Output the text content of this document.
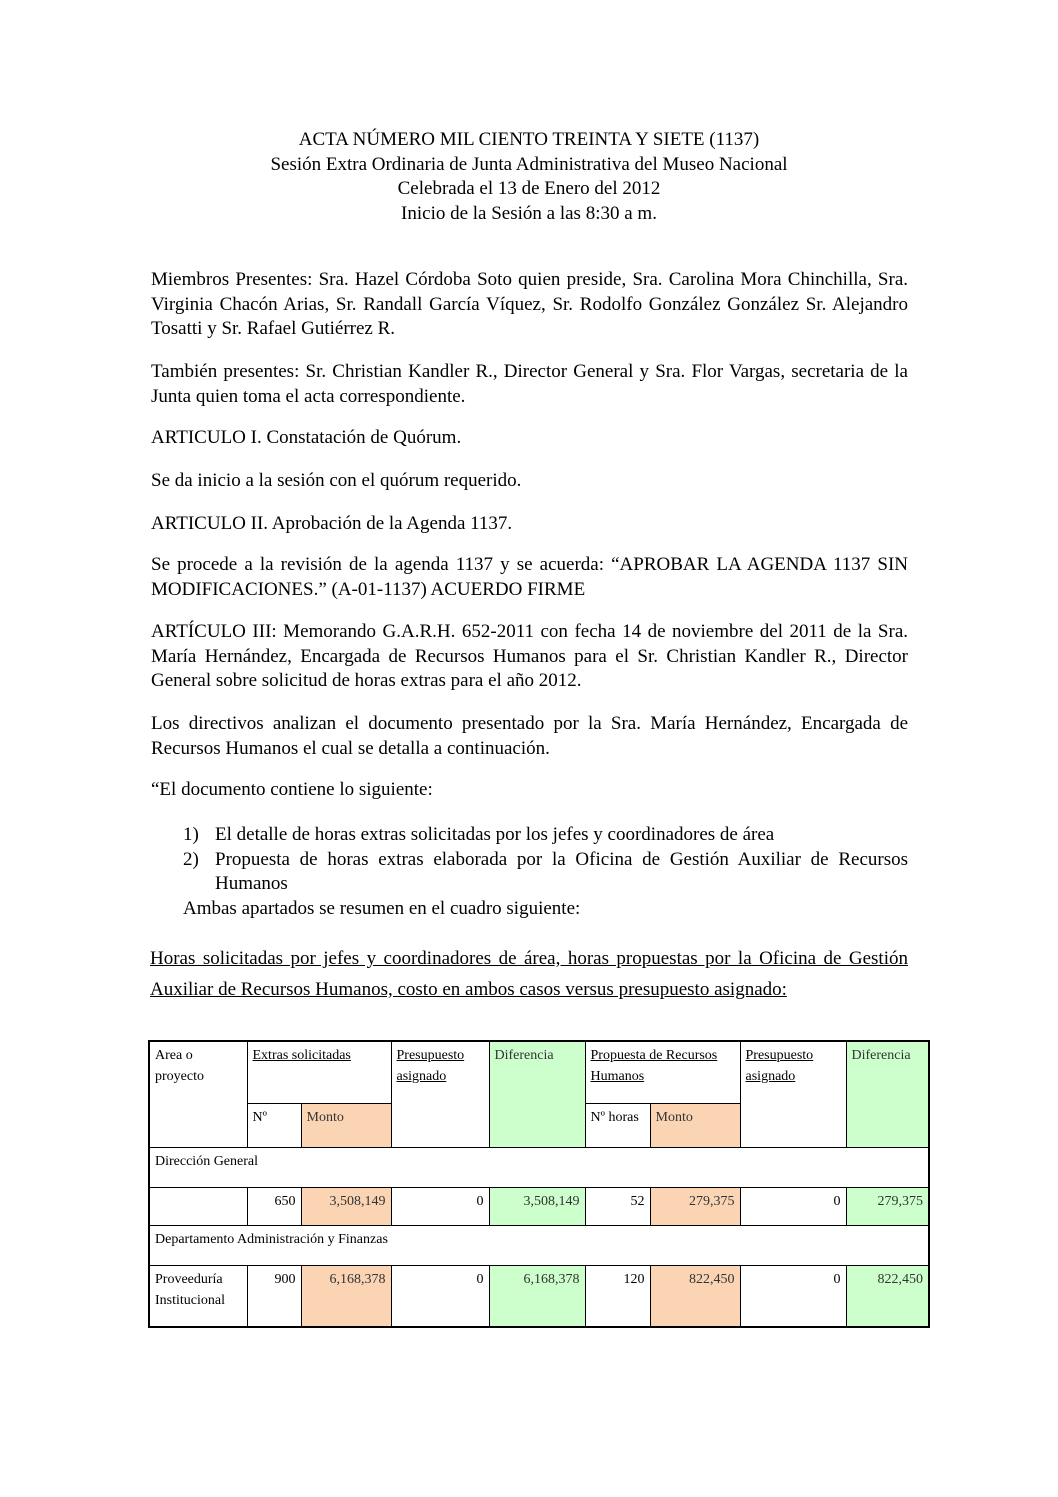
ACTA NÚMERO MIL CIENTO TREINTA Y SIETE (1137)
Sesión Extra Ordinaria de Junta Administrativa del Museo Nacional
Celebrada el 13 de Enero del 2012
Inicio de la Sesión a las 8:30 a m.
Miembros Presentes: Sra. Hazel Córdoba Soto quien preside, Sra. Carolina Mora Chinchilla, Sra. Virginia Chacón Arias, Sr. Randall García Víquez, Sr. Rodolfo González González Sr. Alejandro Tosatti y Sr. Rafael Gutiérrez R.
También presentes: Sr. Christian Kandler R., Director General y Sra. Flor Vargas, secretaria de la Junta quien toma el acta correspondiente.
ARTICULO I. Constatación de Quórum.
Se da inicio a la sesión con el quórum requerido.
ARTICULO II. Aprobación de la Agenda 1137.
Se procede a la revisión de la agenda 1137 y se acuerda: “APROBAR LA AGENDA 1137 SIN MODIFICACIONES.” (A-01-1137) ACUERDO FIRME
ARTÍCULO III: Memorando G.A.R.H. 652-2011 con fecha 14 de noviembre del 2011 de la Sra. María Hernández, Encargada de Recursos Humanos para el Sr. Christian Kandler R., Director General sobre solicitud de horas extras para el año 2012.
Los directivos analizan el documento presentado por la Sra. María Hernández, Encargada de Recursos Humanos el cual se detalla a continuación.
“El documento contiene lo siguiente:
1) El detalle de horas extras solicitadas por los jefes y coordinadores de área
2) Propuesta de horas extras elaborada por la Oficina de Gestión Auxiliar de Recursos Humanos
Ambas apartados se resumen en el cuadro siguiente:
Horas solicitadas por jefes y coordinadores de área, horas propuestas por la Oficina de Gestión Auxiliar de Recursos Humanos, costo en ambos casos versus presupuesto asignado:
Area o proyecto	Extras solicitadas		Presupuesto asignado	Diferencia	Propuesta de Recursos Humanos		Presupuesto asignado	Diferencia
	Nº	Monto			Nº horas	Monto		
Dirección General								
	650	3,508,149	0	3,508,149	52	279,375	0	279,375
Departamento Administración y Finanzas								
Proveeduría Institucional	900	6,168,378	0	6,168,378	120	822,450	0	822,450
